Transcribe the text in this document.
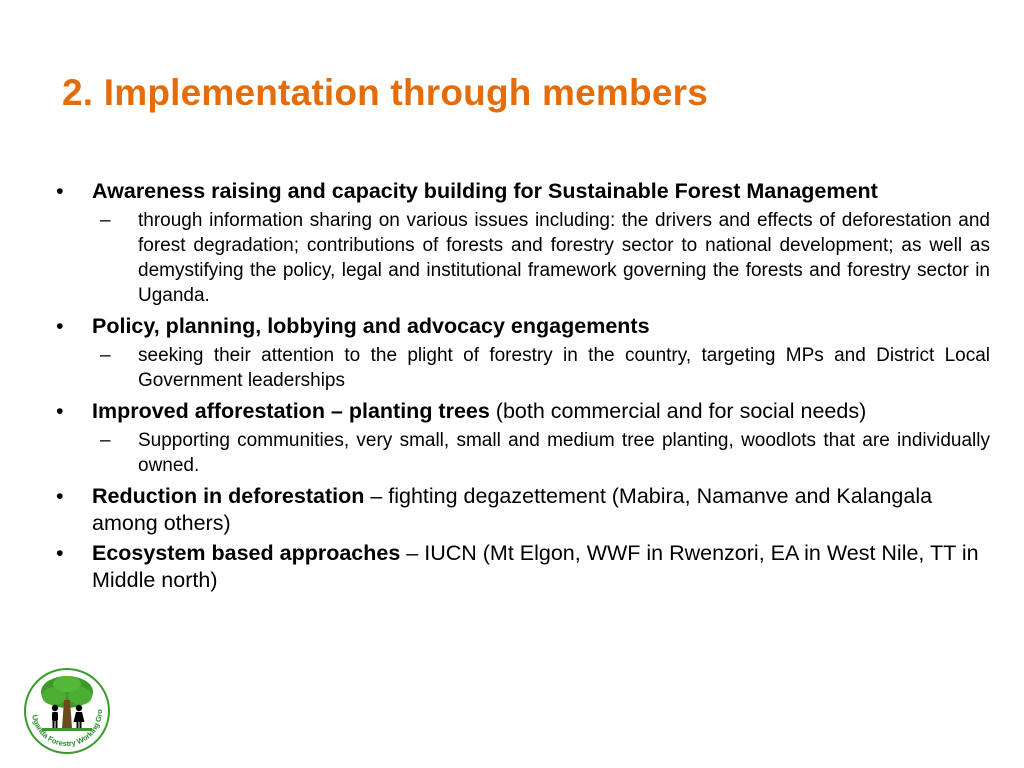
2. Implementation through members
•	Awareness raising and capacity building for Sustainable Forest Management
– through information sharing on various issues including: the drivers and effects of deforestation and forest degradation; contributions of forests and forestry sector to national development; as well as demystifying the policy, legal and institutional framework governing the forests and forestry sector in Uganda.
•	Policy, planning, lobbying and advocacy engagements
– seeking their attention to the plight of forestry in the country, targeting MPs and District Local Government leaderships
•	Improved afforestation – planting trees (both commercial and for social needs)
– Supporting communities, very small, small and medium tree planting, woodlots that are individually owned.
•	Reduction in deforestation – fighting degazettement (Mabira, Namanve and Kalangala among others)
•	Ecosystem based approaches – IUCN (Mt Elgon, WWF in Rwenzori, EA in West Nile, TT in Middle north)
Uganda Forestry Working Gro
